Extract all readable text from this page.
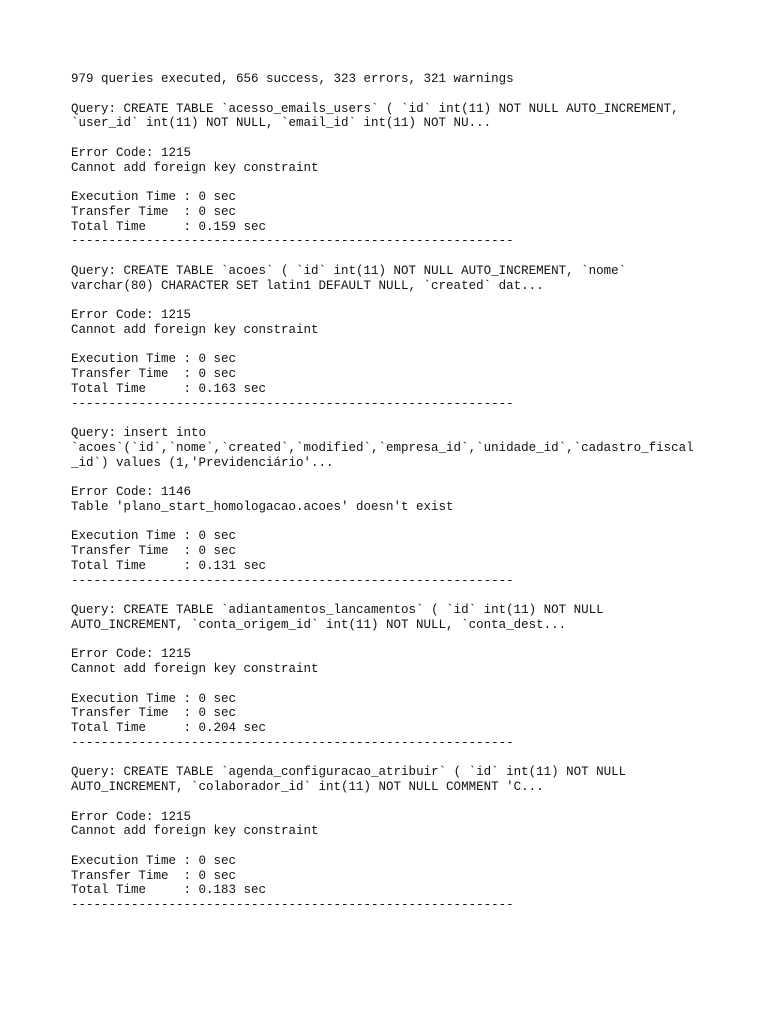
979 queries executed, 656 success, 323 errors, 321 warnings
Query: CREATE TABLE `acesso_emails_users` ( `id` int(11) NOT NULL AUTO_INCREMENT,
`user_id` int(11) NOT NULL, `email_id` int(11) NOT NU...
Error Code: 1215
Cannot add foreign key constraint
Execution Time : 0 sec
Transfer Time  : 0 sec
Total Time     : 0.159 sec
-----------------------------------------------------------
Query: CREATE TABLE `acoes` ( `id` int(11) NOT NULL AUTO_INCREMENT, `nome`
varchar(80) CHARACTER SET latin1 DEFAULT NULL, `created` dat...
Error Code: 1215
Cannot add foreign key constraint
Execution Time : 0 sec
Transfer Time  : 0 sec
Total Time     : 0.163 sec
-----------------------------------------------------------
Query: insert into
`acoes`(`id`,`nome`,`created`,`modified`,`empresa_id`,`unidade_id`,`cadastro_fiscal
_id`) values (1,'Previdenciário'...
Error Code: 1146
Table 'plano_start_homologacao.acoes' doesn't exist
Execution Time : 0 sec
Transfer Time  : 0 sec
Total Time     : 0.131 sec
-----------------------------------------------------------
Query: CREATE TABLE `adiantamentos_lancamentos` ( `id` int(11) NOT NULL
AUTO_INCREMENT, `conta_origem_id` int(11) NOT NULL, `conta_dest...
Error Code: 1215
Cannot add foreign key constraint
Execution Time : 0 sec
Transfer Time  : 0 sec
Total Time     : 0.204 sec
-----------------------------------------------------------
Query: CREATE TABLE `agenda_configuracao_atribuir` ( `id` int(11) NOT NULL
AUTO_INCREMENT, `colaborador_id` int(11) NOT NULL COMMENT 'C...
Error Code: 1215
Cannot add foreign key constraint
Execution Time : 0 sec
Transfer Time  : 0 sec
Total Time     : 0.183 sec
-----------------------------------------------------------
